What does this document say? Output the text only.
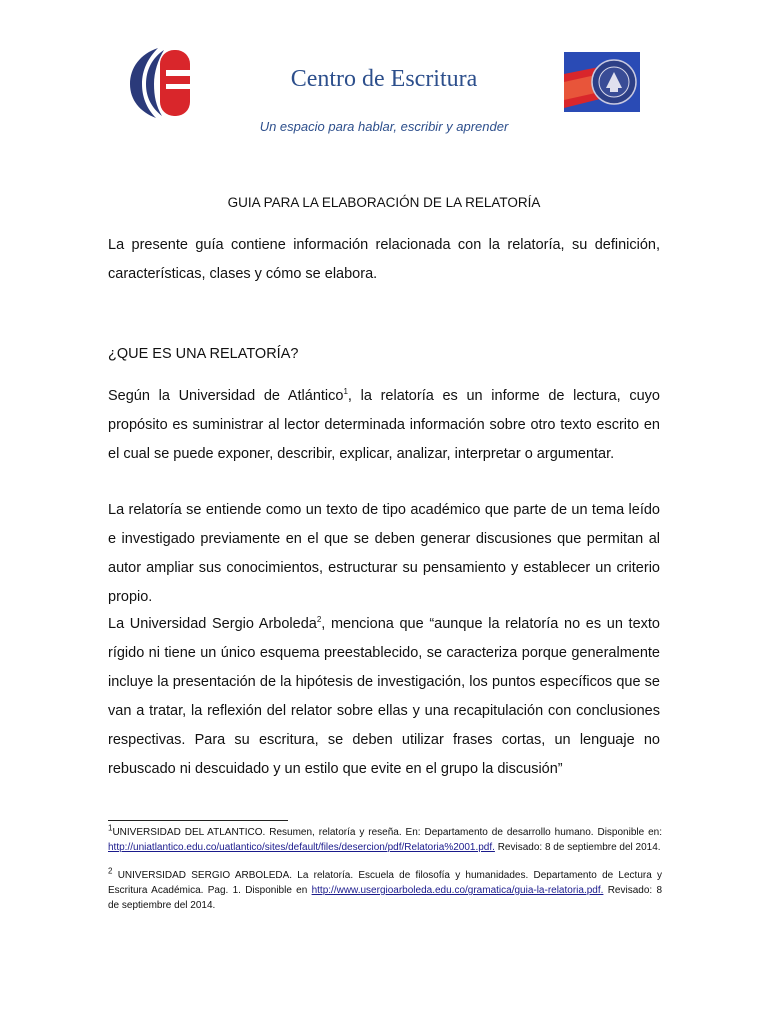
Centro de Escritura
Un espacio para hablar, escribir y aprender
GUIA PARA LA ELABORACIÓN DE LA RELATORÍA

La presente guía contiene información relacionada con la relatoría, su definición, características, clases y cómo se elabora.

¿QUE ES UNA RELATORÍA?

Según la Universidad de Atlántico$^1$, la relatoría es un informe de lectura, cuyo propósito es suministrar al lector determinada información sobre otro texto escrito en el cual se puede exponer, describir, explicar, analizar, interpretar o argumentar.

La relatoría se entiende como un texto de tipo académico que parte de un tema leído e investigado previamente en el que se deben generar discusiones que permitan al autor ampliar sus conocimientos, estructurar su pensamiento y establecer un criterio propio.

La Universidad Sergio Arboleda$^2$, menciona que “aunque la relatoría no es un texto rígido ni tiene un único esquema preestablecido, se caracteriza porque generalmente incluye la presentación de la hipótesis de investigación, los puntos específicos que se van a tratar, la reflexión del relator sobre ellas y una recapitulación con conclusiones respectivas. Para su escritura, se deben utilizar frases cortas, un lenguaje no rebuscado ni descuidado y un estilo que evite en el grupo la discusión”

$^1$UNIVERSIDAD DEL ATLANTICO. Resumen, relatoría y reseña. En: Departamento de desarrollo humano. Disponible en: http://uniatlantico.edu.co/uatlantico/sites/default/files/desercion/pdf/Relatoria%2001.pdf. Revisado: 8 de septiembre del 2014.

$^2$ UNIVERSIDAD SERGIO ARBOLEDA. La relatoría. Escuela de filosofía y humanidades. Departamento de Lectura y Escritura Académica. Pag. 1. Disponible en http://www.usergioarboleda.edu.co/gramatica/guia-la-relatoria.pdf. Revisado: 8 de septiembre del 2014.
